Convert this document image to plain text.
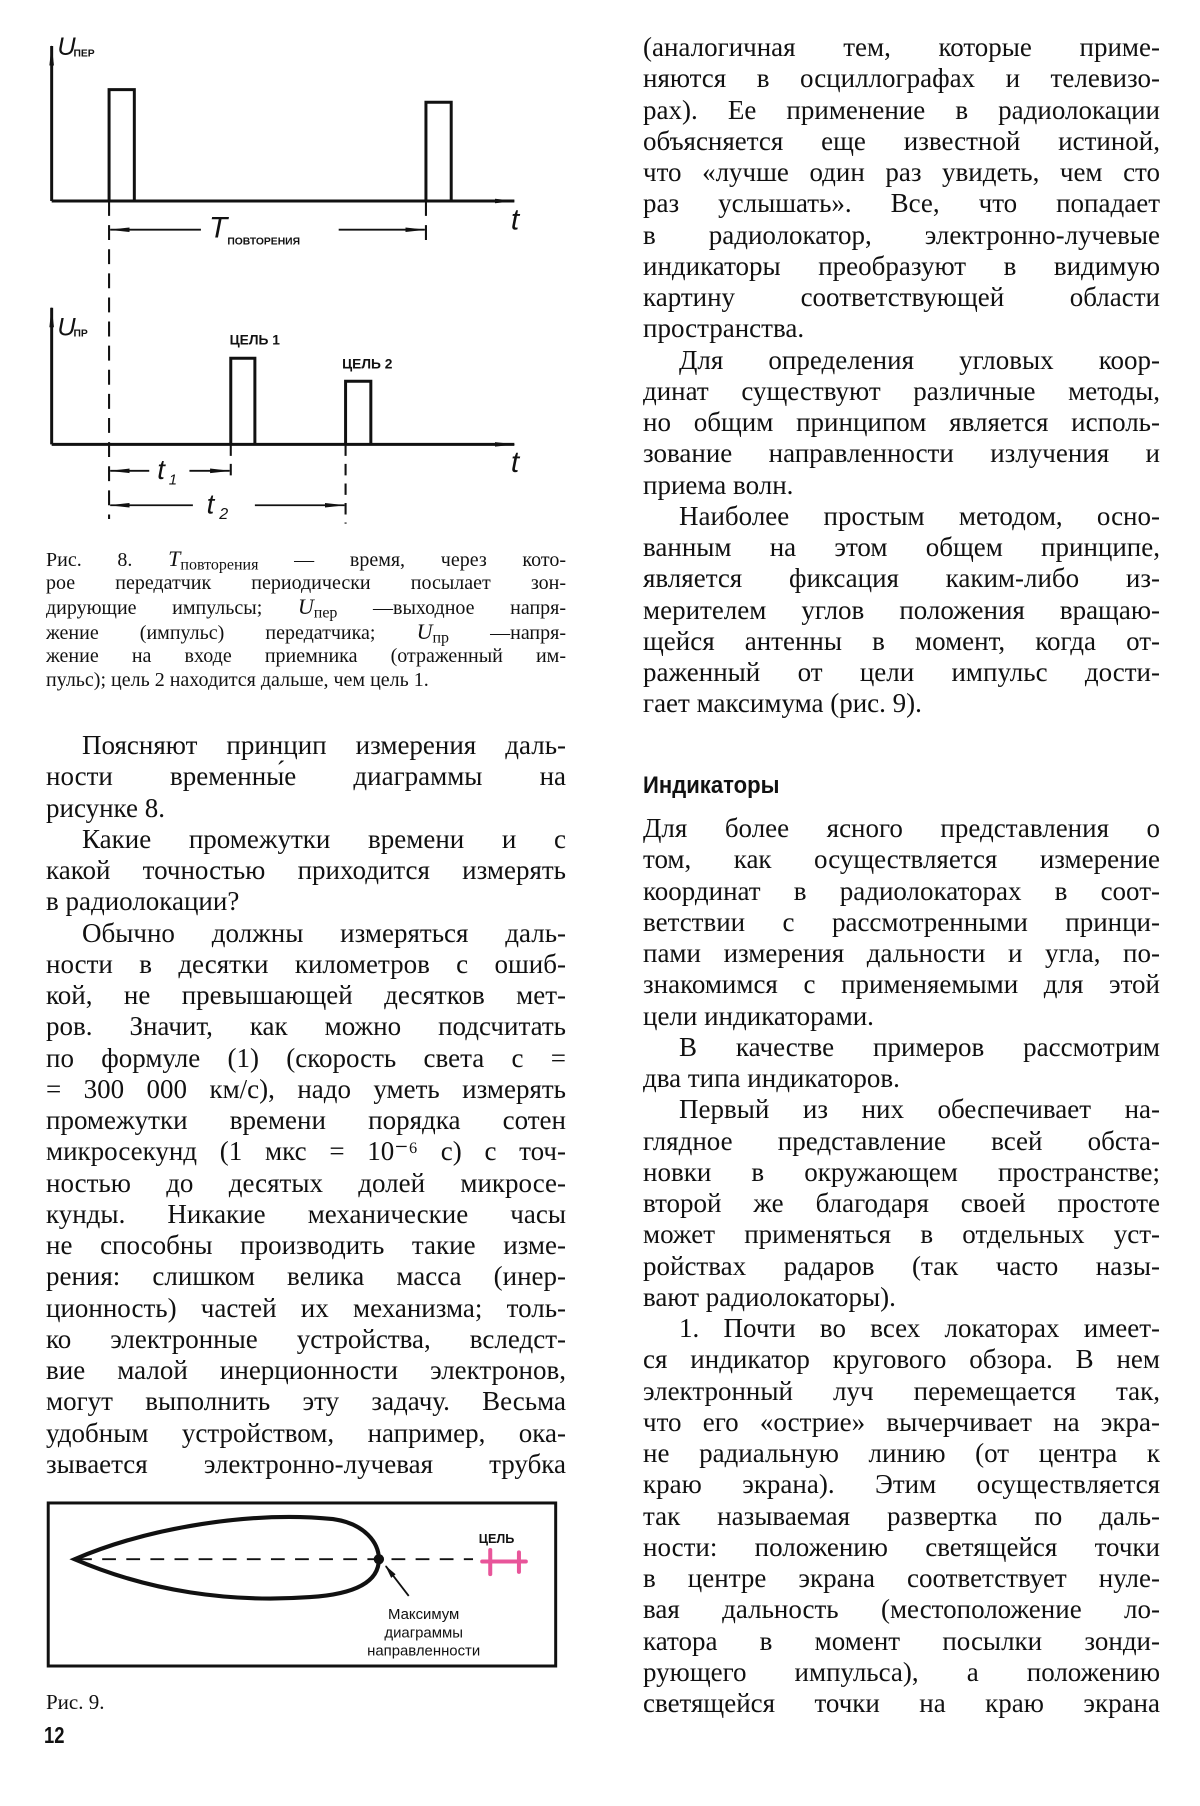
U
ПЕР
t
T ПОВТОРЕНИЯ
U
ПР	ЦЕЛЬ 1
ЦЕЛЬ 2
t
t 1
t 2
Рис. 8. $T_{повторения}$ — время, через кото-
рое передатчик периодически посылает зон-
дирующие импульсы; $U_{пер}$ —выходное напря-
жение (импульс) передатчика; $U_{пр}$ —напря-
жение на входе приемника (отраженный им-
пульс); цель 2 находится дальше, чем цель 1.
Поясняют принцип измерения даль-
ности временны́е диаграммы на
рисунке 8.
Какие промежутки времени и с
какой точностью приходится измерять
в радиолокации?
Обычно должны измеряться даль-
ности в десятки километров с ошиб-
кой, не превышающей десятков мет-
ров. Значит, как можно подсчитать
по формуле (1) (скорость света c =
= 300 000 км/с), надо уметь измерять
промежутки времени порядка сотен
микросекунд (1 мкс = 10⁻⁶ с) с точ-
ностью до десятых долей микросе-
кунды. Никакие механические часы
не способны производить такие изме-
рения: слишком велика масса (инер-
ционность) частей их механизма; толь-
ко электронные устройства, вследст-
вие малой инерционности электронов,
могут выполнить эту задачу. Весьма
удобным устройством, например, ока-
зывается электронно-лучевая трубка
(аналогичная тем, которые приме-
няются в осциллографах и телевизо-
рах). Ее применение в радиолокации
объясняется еще известной истиной,
что «лучше один раз увидеть, чем сто
раз услышать». Все, что попадает
в радиолокатор, электронно-лучевые
индикаторы преобразуют в видимую
картину соответствующей области
пространства.
Для определения угловых коор-
динат существуют различные методы,
но общим принципом является исполь-
зование направленности излучения и
приема волн.
Наиболее простым методом, осно-
ванным на этом общем принципе,
является фиксация каким-либо из-
мерителем углов положения вращаю-
щейся антенны в момент, когда от-
раженный от цели импульс дости-
гает максимума (рис. 9).
Индикаторы
Для более ясного представления о
том, как осуществляется измерение
координат в радиолокаторах в соот-
ветствии с рассмотренными принци-
пами измерения дальности и угла, по-
знакомимся с применяемыми для этой
цели индикаторами.
В качестве примеров рассмотрим
два типа индикаторов.
Первый из них обеспечивает на-
глядное представление всей обста-
новки в окружающем пространстве;
второй же благодаря своей простоте
может применяться в отдельных уст-
ройствах радаров (так часто назы-
вают радиолокаторы).
1. Почти во всех локаторах имеет-
ся индикатор кругового обзора. В нем
электронный луч перемещается так,
что его «острие» вычерчивает на экра-
не радиальную линию (от центра к
краю экрана). Этим осуществляется
так называемая развертка по даль-
ности: положению светящейся точки
в центре экрана соответствует нуле-
вая дальность (местоположение ло-
катора в момент посылки зонди-
рующего импульса), а положению
светящейся точки на краю экрана
ЦЕЛЬ
Максимум
диаграммы
направленности
Рис. 9.
12
